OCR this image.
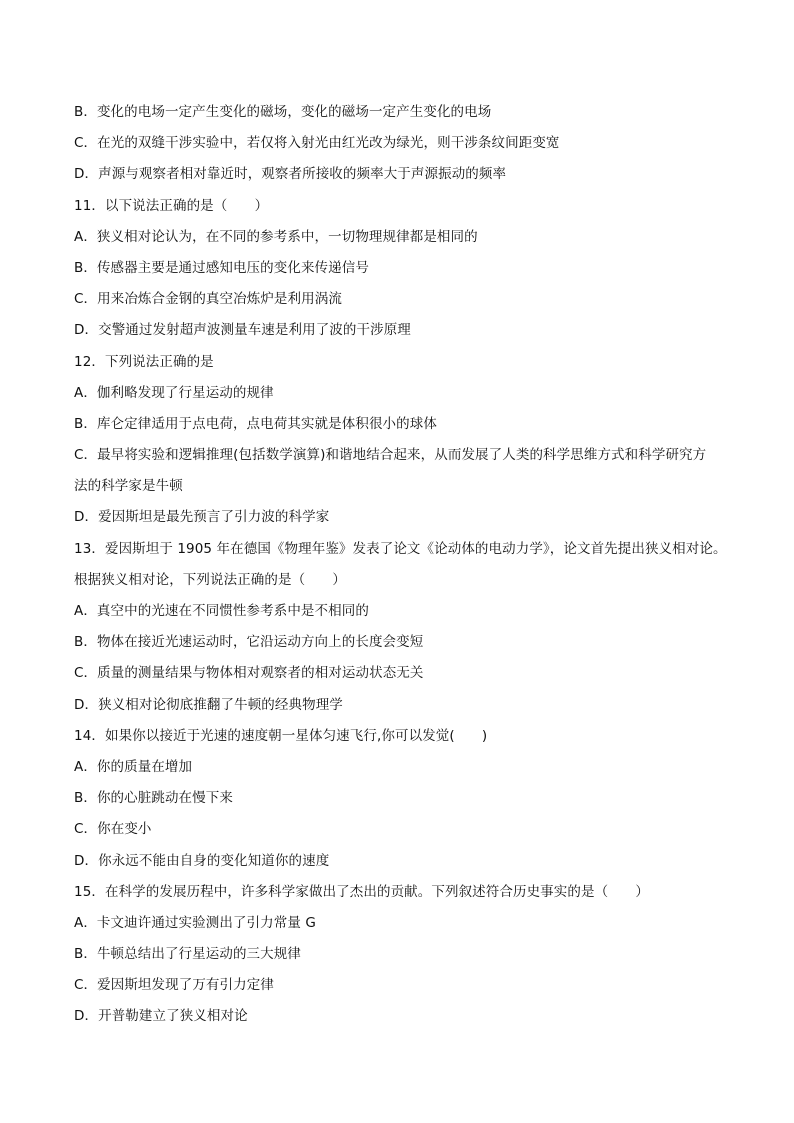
B．变化的电场一定产生变化的磁场，变化的磁场一定产生变化的电场
C．在光的双缝干涉实验中，若仅将入射光由红光改为绿光，则干涉条纹间距变宽
D．声源与观察者相对靠近时，观察者所接收的频率大于声源振动的频率
11．以下说法正确的是（　　）
A．狭义相对论认为，在不同的参考系中，一切物理规律都是相同的
B．传感器主要是通过感知电压的变化来传递信号
C．用来冶炼合金钢的真空冶炼炉是利用涡流
D．交警通过发射超声波测量车速是利用了波的干涉原理
12．下列说法正确的是
A．伽利略发现了行星运动的规律
B．库仑定律适用于点电荷，点电荷其实就是体积很小的球体
C．最早将实验和逻辑推理(包括数学演算)和谐地结合起来，从而发展了人类的科学思维方式和科学研究方
法的科学家是牛顿
D．爱因斯坦是最先预言了引力波的科学家
13．爱因斯坦于 1905 年在德国《物理年鉴》发表了论文《论动体的电动力学》，论文首先提出狭义相对论。
根据狭义相对论，下列说法正确的是（　　）
A．真空中的光速在不同惯性参考系中是不相同的
B．物体在接近光速运动时，它沿运动方向上的长度会变短
C．质量的测量结果与物体相对观察者的相对运动状态无关
D．狭义相对论彻底推翻了牛顿的经典物理学
14．如果你以接近于光速的速度朝一星体匀速飞行,你可以发觉(　　)
A．你的质量在增加
B．你的心脏跳动在慢下来
C．你在变小
D．你永远不能由自身的变化知道你的速度
15．在科学的发展历程中，许多科学家做出了杰出的贡献。下列叙述符合历史事实的是（　　）
A．卡文迪许通过实验测出了引力常量 G
B．牛顿总结出了行星运动的三大规律
C．爱因斯坦发现了万有引力定律
D．开普勒建立了狭义相对论
